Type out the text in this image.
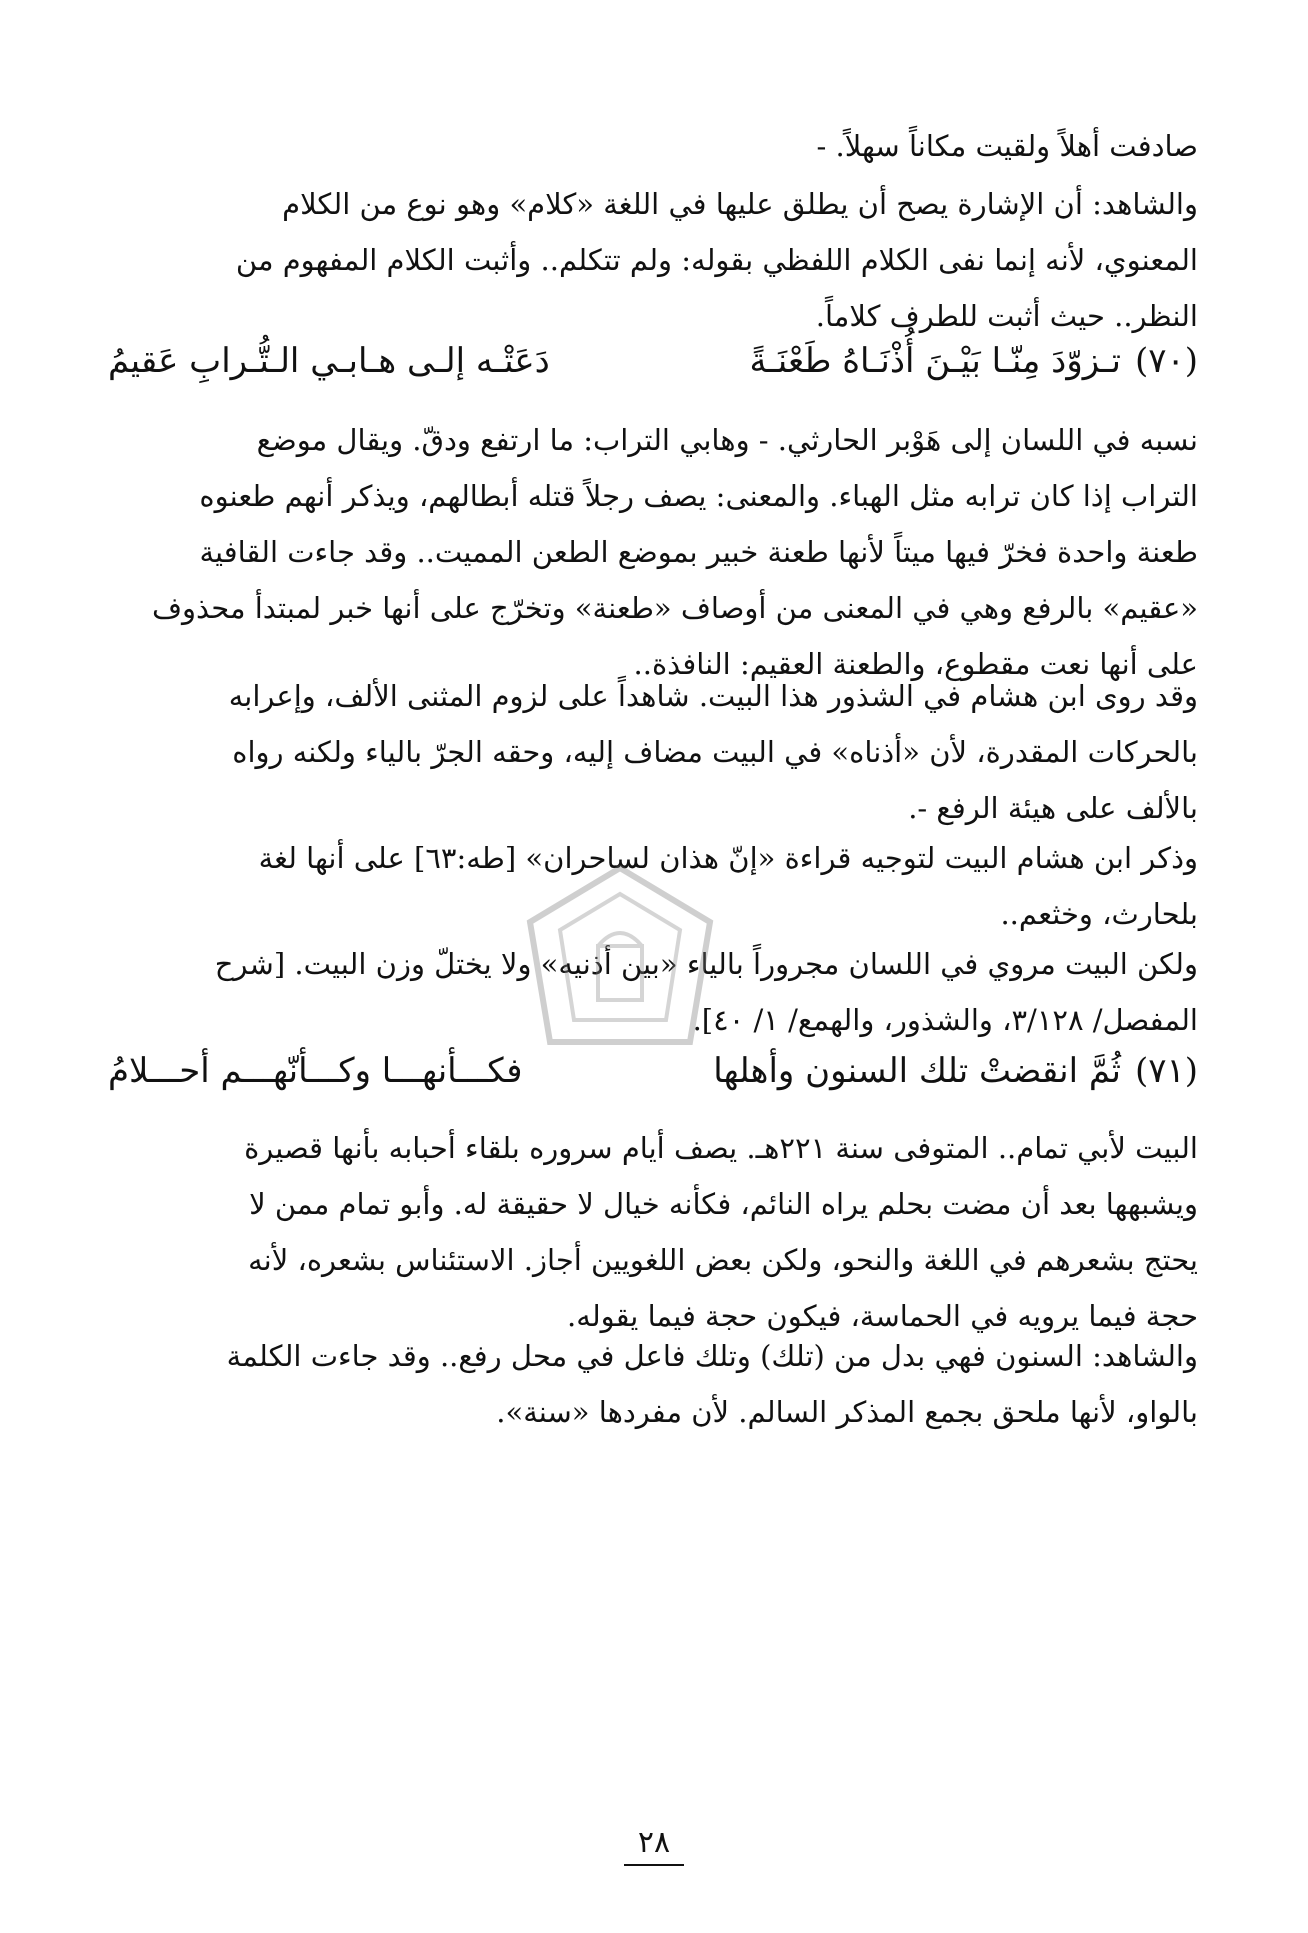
صادفت أهلاً ولقيت مكاناً سهلاً. -
والشاهد: أن الإشارة يصح أن يطلق عليها في اللغة «كلام» وهو نوع من الكلام
المعنوي، لأنه إنما نفى الكلام اللفظي بقوله: ولم تتكلم.. وأثبت الكلام المفهوم من
النظر.. حيث أثبت للطرف كلاماً.
(٧٠)
تـزوّدَ مِنّـا بَيْـنَ أُذْنَـاهُ طَعْنَـةً
دَعَتْـه إلـى هـابـي الـتُّـرابِ عَقيمُ
نسبه في اللسان إلى هَوْبر الحارثي. - وهابي التراب: ما ارتفع ودقّ. ويقال موضع
التراب إذا كان ترابه مثل الهباء. والمعنى: يصف رجلاً قتله أبطالهم، ويذكر أنهم طعنوه
طعنة واحدة فخرّ فيها ميتاً لأنها طعنة خبير بموضع الطعن المميت.. وقد جاءت القافية
«عقيم» بالرفع وهي في المعنى من أوصاف «طعنة» وتخرّج على أنها خبر لمبتدأ محذوف
على أنها نعت مقطوع، والطعنة العقيم: النافذة..
وقد روى ابن هشام في الشذور هذا البيت. شاهداً على لزوم المثنى الألف، وإعرابه
بالحركات المقدرة، لأن «أذناه» في البيت مضاف إليه، وحقه الجرّ بالياء ولكنه رواه
بالألف على هيئة الرفع -.
وذكر ابن هشام البيت لتوجيه قراءة «إنّ هذان لساحران» [طه:٦٣] على أنها لغة
بلحارث، وخثعم..
ولكن البيت مروي في اللسان مجروراً بالياء «بين أذنيه» ولا يختلّ وزن البيت. [شرح
المفصل/ ٣/١٢٨، والشذور، والهمع/ ١/ ٤٠].
(٧١)
ثُمَّ انقضتْ تلك السنون وأهلها
فكـــأنهـــا وكـــأنّهـــم أحـــلامُ
البيت لأبي تمام.. المتوفى سنة ٢٢١هـ. يصف أيام سروره بلقاء أحبابه بأنها قصيرة
ويشبهها بعد أن مضت بحلم يراه النائم، فكأنه خيال لا حقيقة له. وأبو تمام ممن لا
يحتج بشعرهم في اللغة والنحو، ولكن بعض اللغويين أجاز. الاستئناس بشعره، لأنه
حجة فيما يرويه في الحماسة، فيكون حجة فيما يقوله.
والشاهد: السنون فهي بدل من (تلك) وتلك فاعل في محل رفع.. وقد جاءت الكلمة
بالواو، لأنها ملحق بجمع المذكر السالم. لأن مفردها «سنة».
٢٨
